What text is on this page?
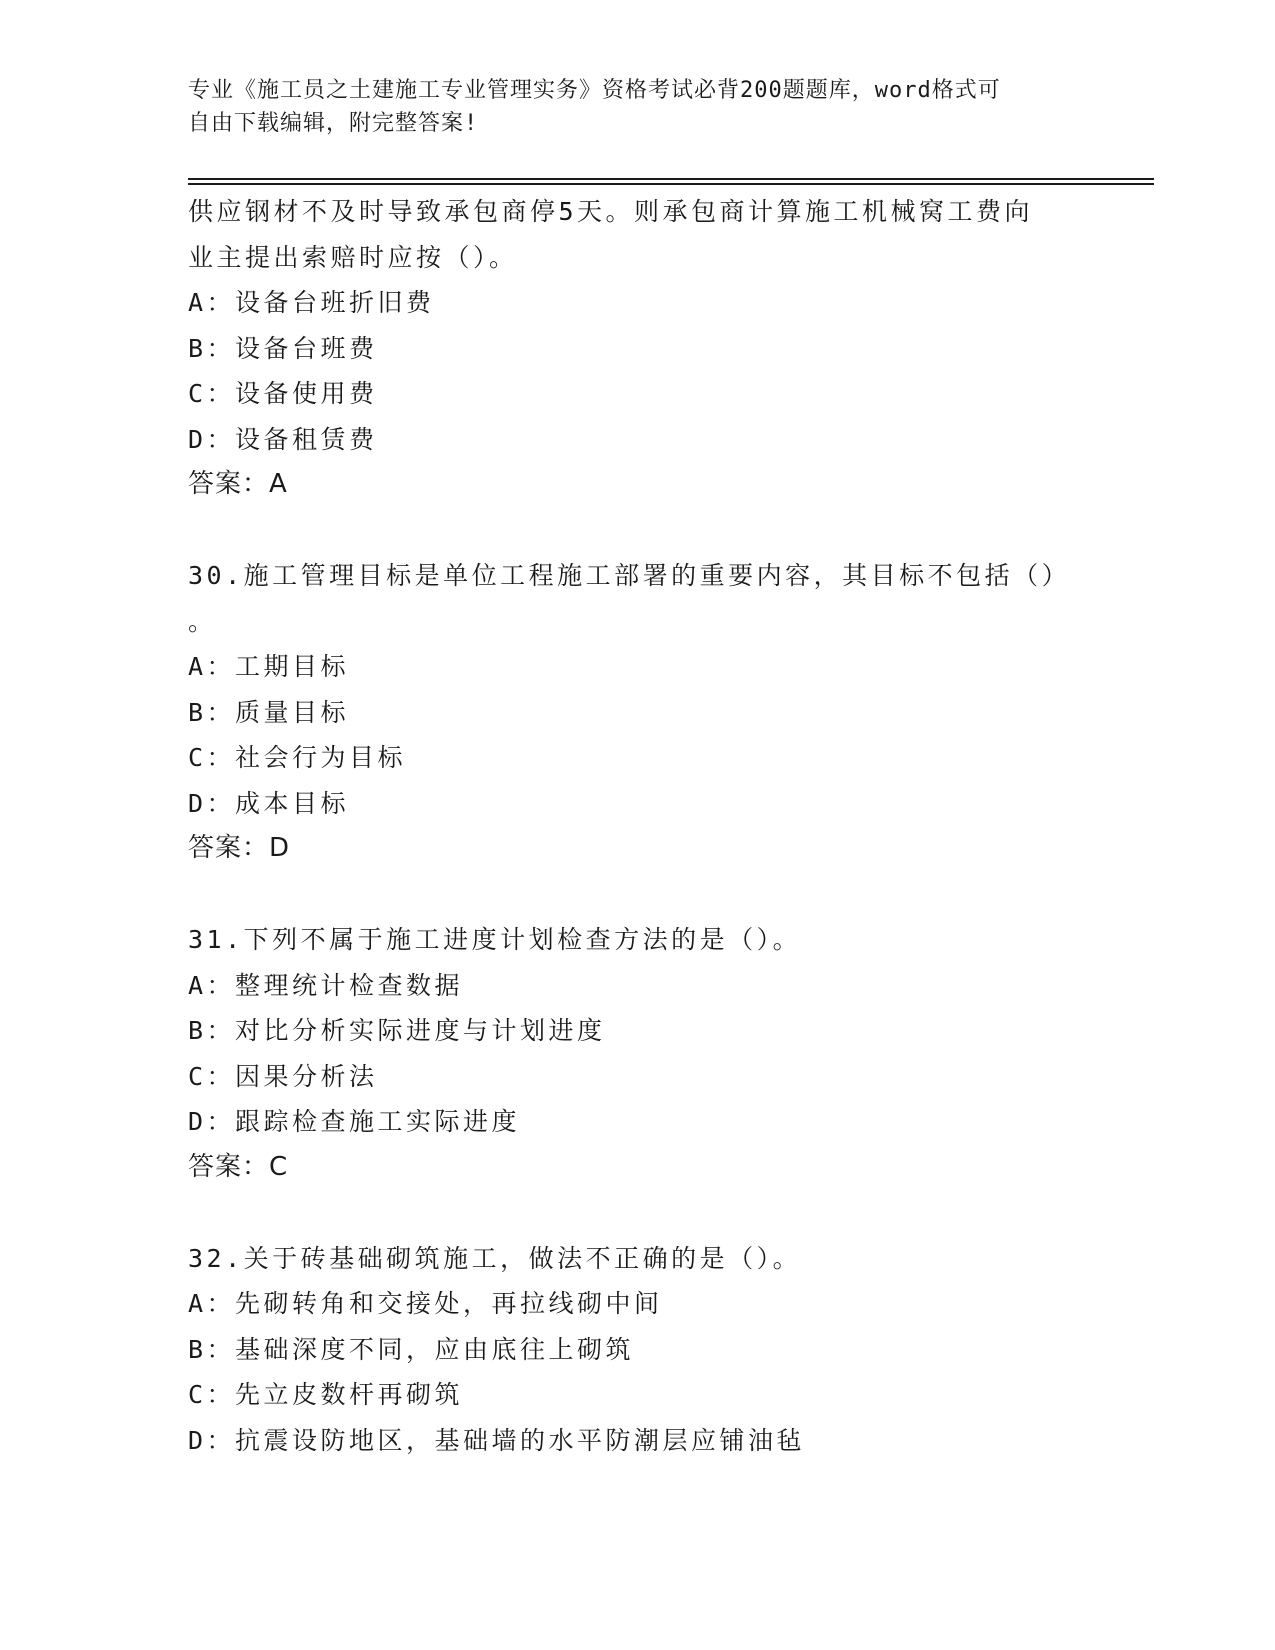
专业《施工员之土建施工专业管理实务》资格考试必背200题题库，word格式可
自由下载编辑，附完整答案!
供应钢材不及时导致承包商停5天。则承包商计算施工机械窝工费向
业主提出索赔时应按（）。
A：设备台班折旧费
B：设备台班费
C：设备使用费
D：设备租赁费
答案：A
30.施工管理目标是单位工程施工部署的重要内容，其目标不包括（）
。
A：工期目标
B：质量目标
C：社会行为目标
D：成本目标
答案：D
31.下列不属于施工进度计划检查方法的是（）。
A：整理统计检查数据
B：对比分析实际进度与计划进度
C：因果分析法
D：跟踪检查施工实际进度
答案：C
32.关于砖基础砌筑施工，做法不正确的是（）。
A：先砌转角和交接处，再拉线砌中间
B：基础深度不同，应由底往上砌筑
C：先立皮数杆再砌筑
D：抗震设防地区，基础墙的水平防潮层应铺油毡
